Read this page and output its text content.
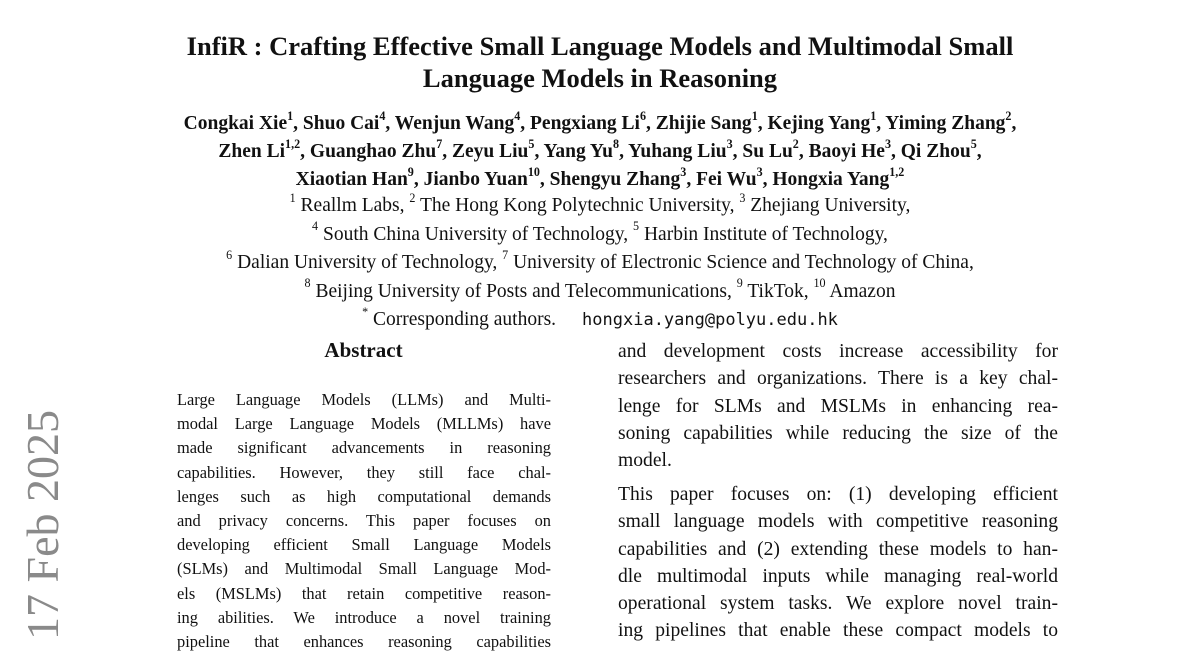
InfiR : Crafting Effective Small Language Models and Multimodal Small
Language Models in Reasoning
Congkai Xie$^1$, Shuo Cai$^4$, Wenjun Wang$^4$, Pengxiang Li$^6$, Zhijie Sang$^1$, Kejing Yang$^1$, Yiming Zhang$^2$,
Zhen Li$^{1,2}$, Guanghao Zhu$^7$, Zeyu Liu$^5$, Yang Yu$^8$, Yuhang Liu$^3$, Su Lu$^2$, Baoyi He$^3$, Qi Zhou$^5$,
Xiaotian Han$^9$, Jianbo Yuan$^{10}$, Shengyu Zhang$^3$, Fei Wu$^3$, Hongxia Yang$^{1,2}$
$^1$ Reallm Labs, $^2$ The Hong Kong Polytechnic University, $^3$ Zhejiang University,
$^4$ South China University of Technology, $^5$ Harbin Institute of Technology,
$^6$ Dalian University of Technology, $^7$ University of Electronic Science and Technology of China,
$^8$ Beijing University of Posts and Telecommunications, $^9$ TikTok, $^{10}$ Amazon
* Corresponding authors. hongxia.yang@polyu.edu.hk
Abstract
Large Language Models (LLMs) and Multi-
modal Large Language Models (MLLMs) have
made significant advancements in reasoning
capabilities. However, they still face chal-
lenges such as high computational demands
and privacy concerns. This paper focuses on
developing efficient Small Language Models
(SLMs) and Multimodal Small Language Mod-
els (MSLMs) that retain competitive reason-
ing abilities. We introduce a novel training
pipeline that enhances reasoning capabilities
and development costs increase accessibility for
researchers and organizations. There is a key chal-
lenge for SLMs and MSLMs in enhancing rea-
soning capabilities while reducing the size of the
model.
This paper focuses on: (1) developing efficient
small language models with competitive reasoning
capabilities and (2) extending these models to han-
dle multimodal inputs while managing real-world
operational system tasks. We explore novel train-
ing pipelines that enable these compact models to
17 Feb 2025
